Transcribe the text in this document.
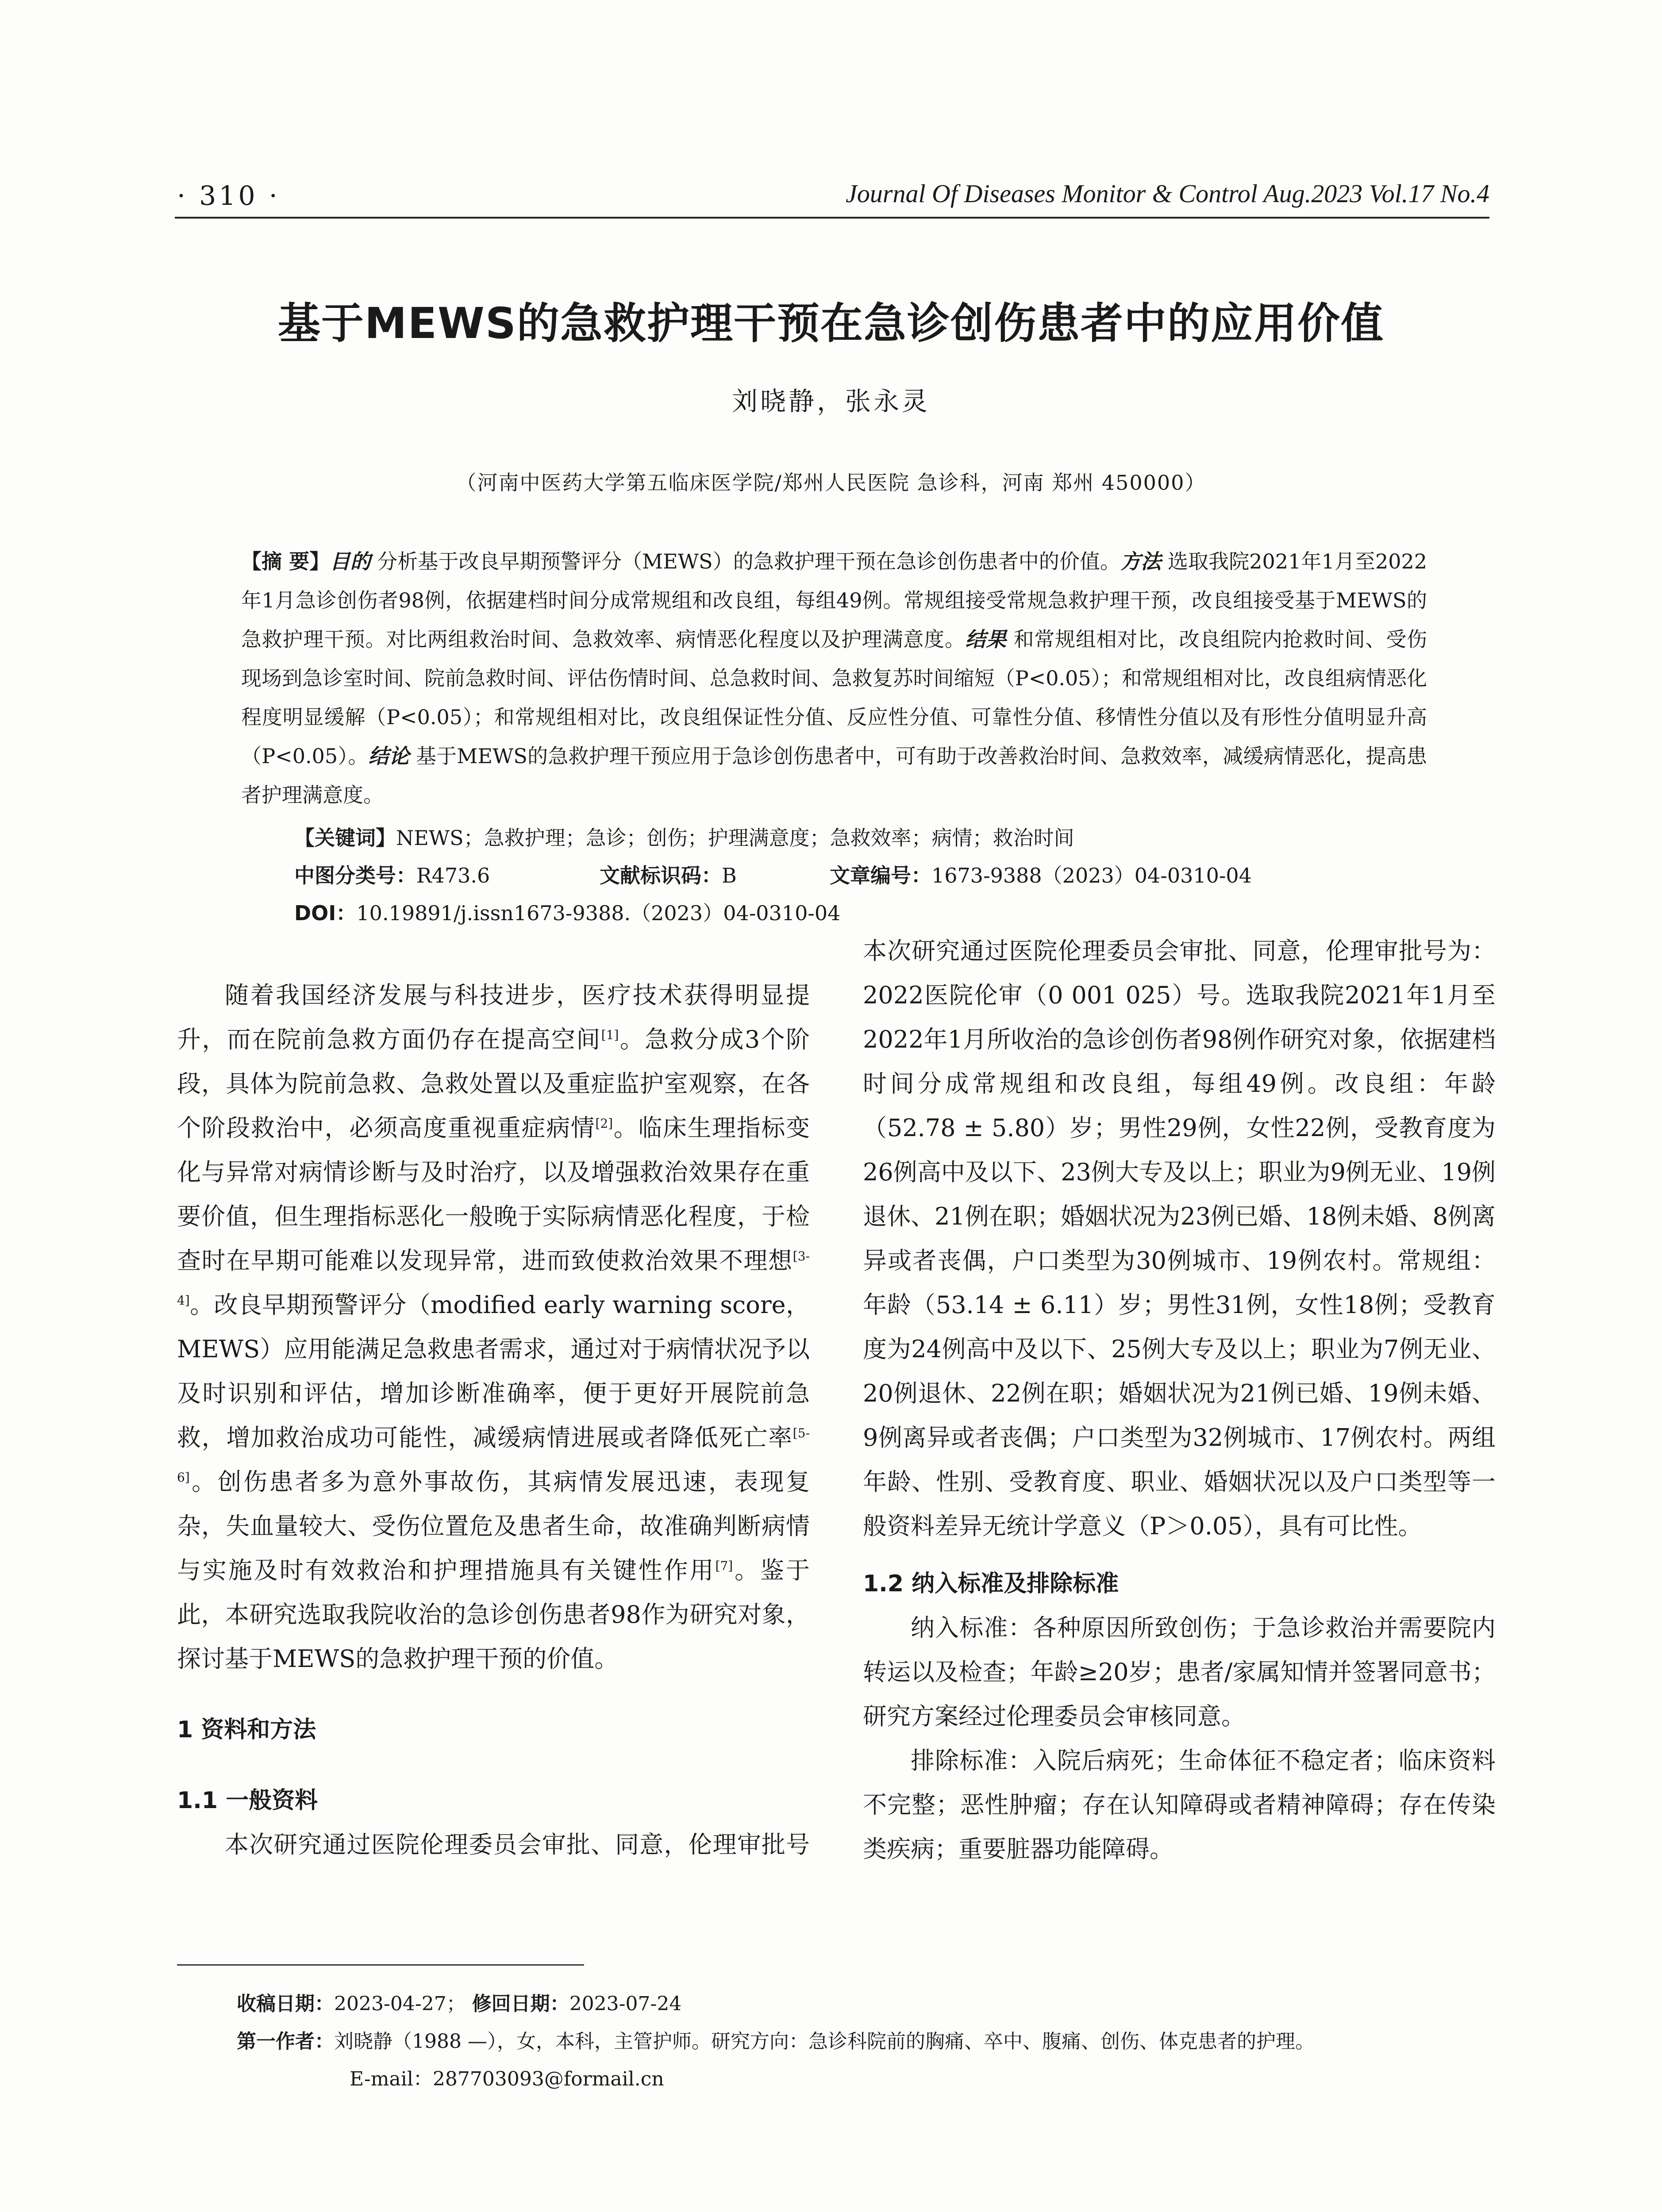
· 310 ·	Journal Of Diseases Monitor & Control Aug.2023 Vol.17 No.4
基于MEWS的急救护理干预在急诊创伤患者中的应用价值
刘晓静，张永灵
（河南中医药大学第五临床医学院/郑州人民医院 急诊科，河南 郑州 450000）
【摘 要】目的 分析基于改良早期预警评分（MEWS）的急救护理干预在急诊创伤患者中的价值。方法 选取我院2021年1月至2022年1月急诊创伤者98例，依据建档时间分成常规组和改良组，每组49例。常规组接受常规急救护理干预，改良组接受基于MEWS的急救护理干预。对比两组救治时间、急救效率、病情恶化程度以及护理满意度。结果 和常规组相对比，改良组院内抢救时间、受伤现场到急诊室时间、院前急救时间、评估伤情时间、总急救时间、急救复苏时间缩短（P<0.05）；和常规组相对比，改良组病情恶化程度明显缓解（P<0.05）；和常规组相对比，改良组保证性分值、反应性分值、可靠性分值、移情性分值以及有形性分值明显升高（P<0.05）。结论 基于MEWS的急救护理干预应用于急诊创伤患者中，可有助于改善救治时间、急救效率，减缓病情恶化，提高患者护理满意度。
【关键词】NEWS；急救护理；急诊；创伤；护理满意度；急救效率；病情；救治时间
中图分类号：R473.6	文献标识码：B	文章编号：1673-9388（2023）04-0310-04
DOI：10.19891/j.issn1673-9388.（2023）04-0310-04

随着我国经济发展与科技进步，医疗技术获得明显提升，而在院前急救方面仍存在提高空间[1]。急救分成3个阶段，具体为院前急救、急救处置以及重症监护室观察，在各个阶段救治中，必须高度重视重症病情[2]。临床生理指标变化与异常对病情诊断与及时治疗，以及增强救治效果存在重要价值，但生理指标恶化一般晚于实际病情恶化程度，于检查时在早期可能难以发现异常，进而致使救治效果不理想[3-4]。改良早期预警评分（modified early warning score，MEWS）应用能满足急救患者需求，通过对于病情状况予以及时识别和评估，增加诊断准确率，便于更好开展院前急救，增加救治成功可能性，减缓病情进展或者降低死亡率[5-6]。创伤患者多为意外事故伤，其病情发展迅速，表现复杂，失血量较大、受伤位置危及患者生命，故准确判断病情与实施及时有效救治和护理措施具有关键性作用[7]。鉴于此，本研究选取我院收治的急诊创伤患者98作为研究对象，探讨基于MEWS的急救护理干预的价值。

1 资料和方法

1.1 一般资料

本次研究通过医院伦理委员会审批、同意，伦理审批号

本次研究通过医院伦理委员会审批、同意，伦理审批号为：2022医院伦审（0 001 025）号。选取我院2021年1月至2022年1月所收治的急诊创伤者98例作研究对象，依据建档时间分成常规组和改良组，每组49例。改良组：年龄（52.78 ± 5.80）岁；男性29例，女性22例，受教育度为26例高中及以下、23例大专及以上；职业为9例无业、19例退休、21例在职；婚姻状况为23例已婚、18例未婚、8例离异或者丧偶，户口类型为30例城市、19例农村。常规组：年龄（53.14 ± 6.11）岁；男性31例，女性18例；受教育度为24例高中及以下、25例大专及以上；职业为7例无业、20例退休、22例在职；婚姻状况为21例已婚、19例未婚、9例离异或者丧偶；户口类型为32例城市、17例农村。两组年龄、性别、受教育度、职业、婚姻状况以及户口类型等一般资料差异无统计学意义（P＞0.05），具有可比性。

1.2 纳入标准及排除标准

纳入标准：各种原因所致创伤；于急诊救治并需要院内转运以及检查；年龄≥20岁；患者/家属知情并签署同意书；研究方案经过伦理委员会审核同意。

排除标准：入院后病死；生命体征不稳定者；临床资料不完整；恶性肿瘤；存在认知障碍或者精神障碍；存在传染类疾病；重要脏器功能障碍。

收稿日期：2023-04-27； 修回日期：2023-07-24
第一作者：刘晓静（1988 —），女，本科，主管护师。研究方向：急诊科院前的胸痛、卒中、腹痛、创伤、体克患者的护理。
E-mail：287703093@formail.cn
